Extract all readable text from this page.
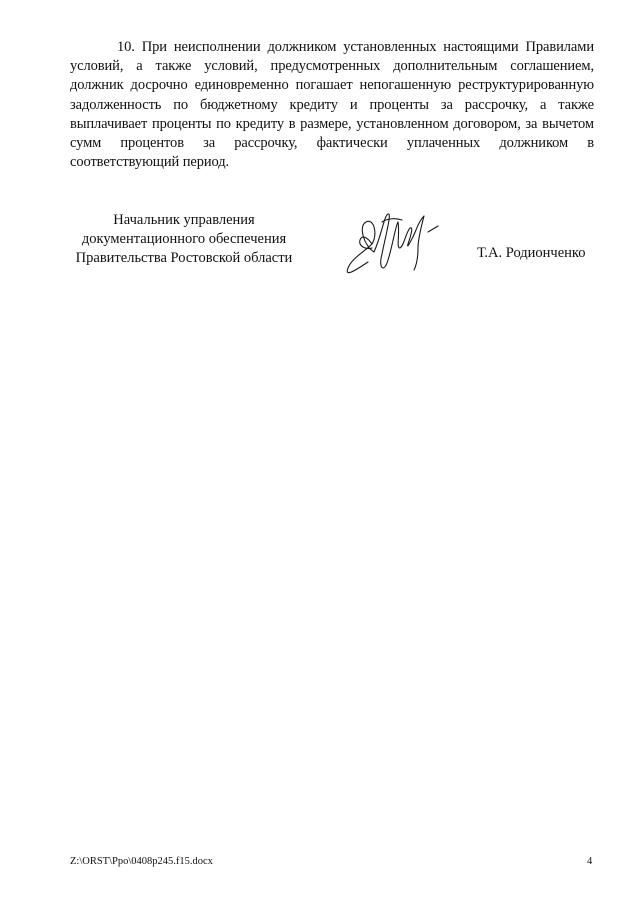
10. При неисполнении должником установленных настоящими Правилами условий, а также условий, предусмотренных дополнительным соглашением, должник досрочно единовременно погашает непогашенную реструктурированную задолженность по бюджетному кредиту и проценты за рассрочку, а также выплачивает проценты по кредиту в размере, установленном договором, за вычетом сумм процентов за рассрочку, фактически уплаченных должником в соответствующий период.

Начальник управления
документационного обеспечения
Правительства Ростовской области	Т.А. Родионченко

Z:\ORST\Ppo\0408p245.f15.docx	4
